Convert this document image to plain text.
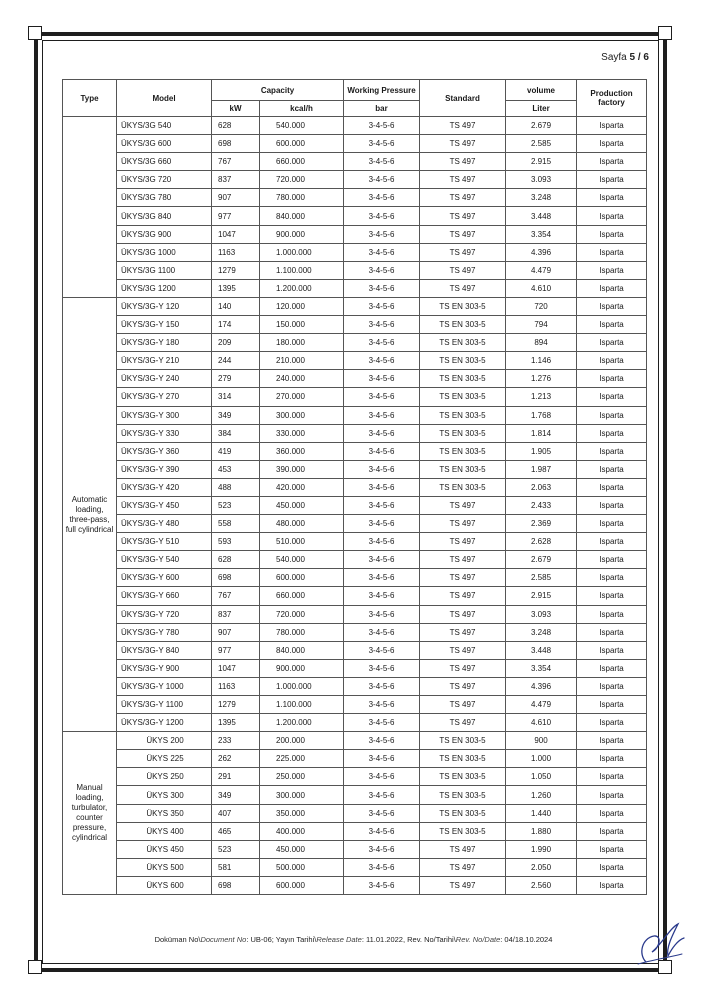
Sayfa 5 / 6
Type	Model	Capacity		Working Pressure	Standard	volume	Production factory
		kW	kcal/h	bar		Liter	
	ÜKYS/3G 540	628	540.000	3-4-5-6	TS 497	2.679	Isparta
	ÜKYS/3G 600	698	600.000	3-4-5-6	TS 497	2.585	Isparta
	ÜKYS/3G 660	767	660.000	3-4-5-6	TS 497	2.915	Isparta
	ÜKYS/3G 720	837	720.000	3-4-5-6	TS 497	3.093	Isparta
	ÜKYS/3G 780	907	780.000	3-4-5-6	TS 497	3.248	Isparta
	ÜKYS/3G 840	977	840.000	3-4-5-6	TS 497	3.448	Isparta
	ÜKYS/3G 900	1047	900.000	3-4-5-6	TS 497	3.354	Isparta
	ÜKYS/3G 1000	1163	1.000.000	3-4-5-6	TS 497	4.396	Isparta
	ÜKYS/3G 1100	1279	1.100.000	3-4-5-6	TS 497	4.479	Isparta
	ÜKYS/3G 1200	1395	1.200.000	3-4-5-6	TS 497	4.610	Isparta
Automatic loading, three-pass, full cylindrical	ÜKYS/3G-Y 120	140	120.000	3-4-5-6	TS EN 303-5	720	Isparta
	ÜKYS/3G-Y 150	174	150.000	3-4-5-6	TS EN 303-5	794	Isparta
	ÜKYS/3G-Y 180	209	180.000	3-4-5-6	TS EN 303-5	894	Isparta
	ÜKYS/3G-Y 210	244	210.000	3-4-5-6	TS EN 303-5	1.146	Isparta
	ÜKYS/3G-Y 240	279	240.000	3-4-5-6	TS EN 303-5	1.276	Isparta
	ÜKYS/3G-Y 270	314	270.000	3-4-5-6	TS EN 303-5	1.213	Isparta
	ÜKYS/3G-Y 300	349	300.000	3-4-5-6	TS EN 303-5	1.768	Isparta
	ÜKYS/3G-Y 330	384	330.000	3-4-5-6	TS EN 303-5	1.814	Isparta
	ÜKYS/3G-Y 360	419	360.000	3-4-5-6	TS EN 303-5	1.905	Isparta
	ÜKYS/3G-Y 390	453	390.000	3-4-5-6	TS EN 303-5	1.987	Isparta
	ÜKYS/3G-Y 420	488	420.000	3-4-5-6	TS EN 303-5	2.063	Isparta
	ÜKYS/3G-Y 450	523	450.000	3-4-5-6	TS 497	2.433	Isparta
	ÜKYS/3G-Y 480	558	480.000	3-4-5-6	TS 497	2.369	Isparta
	ÜKYS/3G-Y 510	593	510.000	3-4-5-6	TS 497	2.628	Isparta
	ÜKYS/3G-Y 540	628	540.000	3-4-5-6	TS 497	2.679	Isparta
	ÜKYS/3G-Y 600	698	600.000	3-4-5-6	TS 497	2.585	Isparta
	ÜKYS/3G-Y 660	767	660.000	3-4-5-6	TS 497	2.915	Isparta
	ÜKYS/3G-Y 720	837	720.000	3-4-5-6	TS 497	3.093	Isparta
	ÜKYS/3G-Y 780	907	780.000	3-4-5-6	TS 497	3.248	Isparta
	ÜKYS/3G-Y 840	977	840.000	3-4-5-6	TS 497	3.448	Isparta
	ÜKYS/3G-Y 900	1047	900.000	3-4-5-6	TS 497	3.354	Isparta
	ÜKYS/3G-Y 1000	1163	1.000.000	3-4-5-6	TS 497	4.396	Isparta
	ÜKYS/3G-Y 1100	1279	1.100.000	3-4-5-6	TS 497	4.479	Isparta
	ÜKYS/3G-Y 1200	1395	1.200.000	3-4-5-6	TS 497	4.610	Isparta
Manual loading, turbulator, counter pressure, cylindrical	ÜKYS 200	233	200.000	3-4-5-6	TS EN 303-5	900	Isparta
	ÜKYS 225	262	225.000	3-4-5-6	TS EN 303-5	1.000	Isparta
	ÜKYS 250	291	250.000	3-4-5-6	TS EN 303-5	1.050	Isparta
	ÜKYS 300	349	300.000	3-4-5-6	TS EN 303-5	1.260	Isparta
	ÜKYS 350	407	350.000	3-4-5-6	TS EN 303-5	1.440	Isparta
	ÜKYS 400	465	400.000	3-4-5-6	TS EN 303-5	1.880	Isparta
	ÜKYS 450	523	450.000	3-4-5-6	TS 497	1.990	Isparta
	ÜKYS 500	581	500.000	3-4-5-6	TS 497	2.050	Isparta
	ÜKYS 600	698	600.000	3-4-5-6	TS 497	2.560	Isparta
Doküman No\Document No: UB-06; Yayın Tarihi\Release Date: 11.01.2022, Rev. No/Tarihi\Rev. No/Date: 04/18.10.2024
